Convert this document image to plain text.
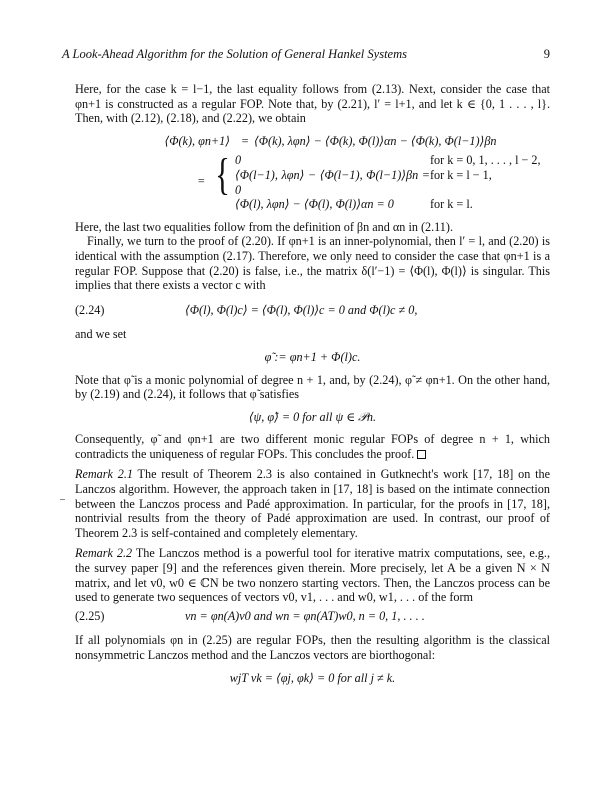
A Look-Ahead Algorithm for the Solution of General Hankel Systems	9

Here, for the case k = l−1, the last equality follows from (2.13). Next, consider the case that φn+1 is constructed as a regular FOP. Note that, by (2.21), l′ = l+1, and let k ∈ {0, 1 . . . , l}. Then, with (2.12), (2.18), and (2.22), we obtain

⟨Φ(k), φn+1⟩ = ⟨Φ(k), λφn⟩ − ⟨Φ(k), Φ(l)⟩αn − ⟨Φ(k), Φ(l−1)⟩βn
= { 0	for k = 0, 1, . . . , l − 2,
⟨Φ(l−1), λφn⟩ − ⟨Φ(l−1), Φ(l−1)⟩βn = 0
for k = l − 1,
⟨Φ(l), λφn⟩ − ⟨Φ(l), Φ(l)⟩αn = 0	for k = l.

Here, the last two equalities follow from the definition of βn and αn in (2.11).

Finally, we turn to the proof of (2.20). If φn+1 is an inner-polynomial, then l′ = l, and (2.20) is identical with the assumption (2.17). Therefore, we only need to consider the case that φn+1 is a regular FOP. Suppose that (2.20) is false, i.e., the matrix δ(l′−1) = ⟨Φ(l), Φ(l)⟩ is singular. This implies that there exists a vector c with

(2.24)	⟨Φ(l), Φ(l)c⟩ = ⟨Φ(l), Φ(l)⟩c = 0 and Φ(l)c ≠ 0,

and we set

φ̃ := φn+1 + Φ(l)c.

Note that φ̃ is a monic polynomial of degree n + 1, and, by (2.24), φ̃ ≠ φn+1. On the other hand, by (2.19) and (2.24), it follows that φ̃ satisfies

⟨ψ, φ̃⟩ = 0 for all ψ ∈ 𝒫n.

Consequently, φ̃ and φn+1 are two different monic regular FOPs of degree n + 1, which contradicts the uniqueness of regular FOPs. This concludes the proof.

Remark 2.1 The result of Theorem 2.3 is also contained in Gutknecht's work [17, 18] on the Lanczos algorithm. However, the approach taken in [17, 18] is based on the intimate connection between the Lanczos process and Padé approximation. In particular, for the proofs in [17, 18], nontrivial results from the theory of Padé approximation are used. In contrast, our proof of Theorem 2.3 is self-contained and completely elementary.

Remark 2.2 The Lanczos method is a powerful tool for iterative matrix computations, see, e.g., the survey paper [9] and the references given therein. More precisely, let A be a given N × N matrix, and let v0, w0 ∈ ℂN be two nonzero starting vectors. Then, the Lanczos process can be used to generate two sequences of vectors v0, v1, . . . and w0, w1, . . . of the form

(2.25)	vn = φn(A)v0 and wn = φn(AT)w0, n = 0, 1, . . . .

If all polynomials φn in (2.25) are regular FOPs, then the resulting algorithm is the classical nonsymmetric Lanczos method and the Lanczos vectors are biorthogonal:

wjT vk = ⟨φj, φk⟩ = 0 for all j ≠ k.
